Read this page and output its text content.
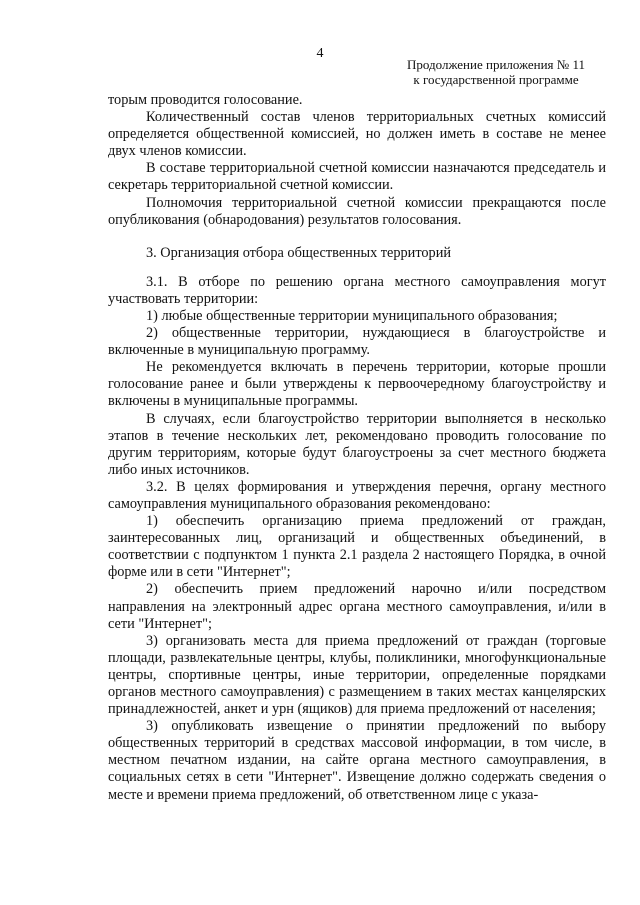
4
Продолжение приложения № 11
к государственной программе

торым проводится голосование.

Количественный состав членов территориальных счетных комиссий определяется общественной комиссией, но должен иметь в составе не менее двух членов комиссии.

В составе территориальной счетной комиссии назначаются председатель и секретарь территориальной счетной комиссии.

Полномочия территориальной счетной комиссии прекращаются после опубликования (обнародования) результатов голосования.

3. Организация отбора общественных территорий

3.1. В отборе по решению органа местного самоуправления могут участвовать территории:

1) любые общественные территории муниципального образования;

2) общественные территории, нуждающиеся в благоустройстве и включенные в муниципальную программу.

Не рекомендуется включать в перечень территории, которые прошли голосование ранее и были утверждены к первоочередному благоустройству и включены в муниципальные программы.

В случаях, если благоустройство территории выполняется в несколько этапов в течение нескольких лет, рекомендовано проводить голосование по другим территориям, которые будут благоустроены за счет местного бюджета либо иных источников.

3.2. В целях формирования и утверждения перечня, органу местного самоуправления муниципального образования рекомендовано:

1) обеспечить организацию приема предложений от граждан, заинтересованных лиц, организаций и общественных объединений, в соответствии с подпунктом 1 пункта 2.1 раздела 2 настоящего Порядка, в очной форме или в сети "Интернет";

2) обеспечить прием предложений нарочно и/или посредством направления на электронный адрес органа местного самоуправления, и/или в сети "Интернет";

3) организовать места для приема предложений от граждан (торговые площади, развлекательные центры, клубы, поликлиники, многофункциональные центры, спортивные центры, иные территории, определенные порядками органов местного самоуправления) с размещением в таких местах канцелярских принадлежностей, анкет и урн (ящиков) для приема предложений от населения;

3) опубликовать извещение о принятии предложений по выбору общественных территорий в средствах массовой информации, в том числе, в местном печатном издании, на сайте органа местного самоуправления, в социальных сетях в сети "Интернет". Извещение должно содержать сведения о месте и времени приема предложений, об ответственном лице с указа-
